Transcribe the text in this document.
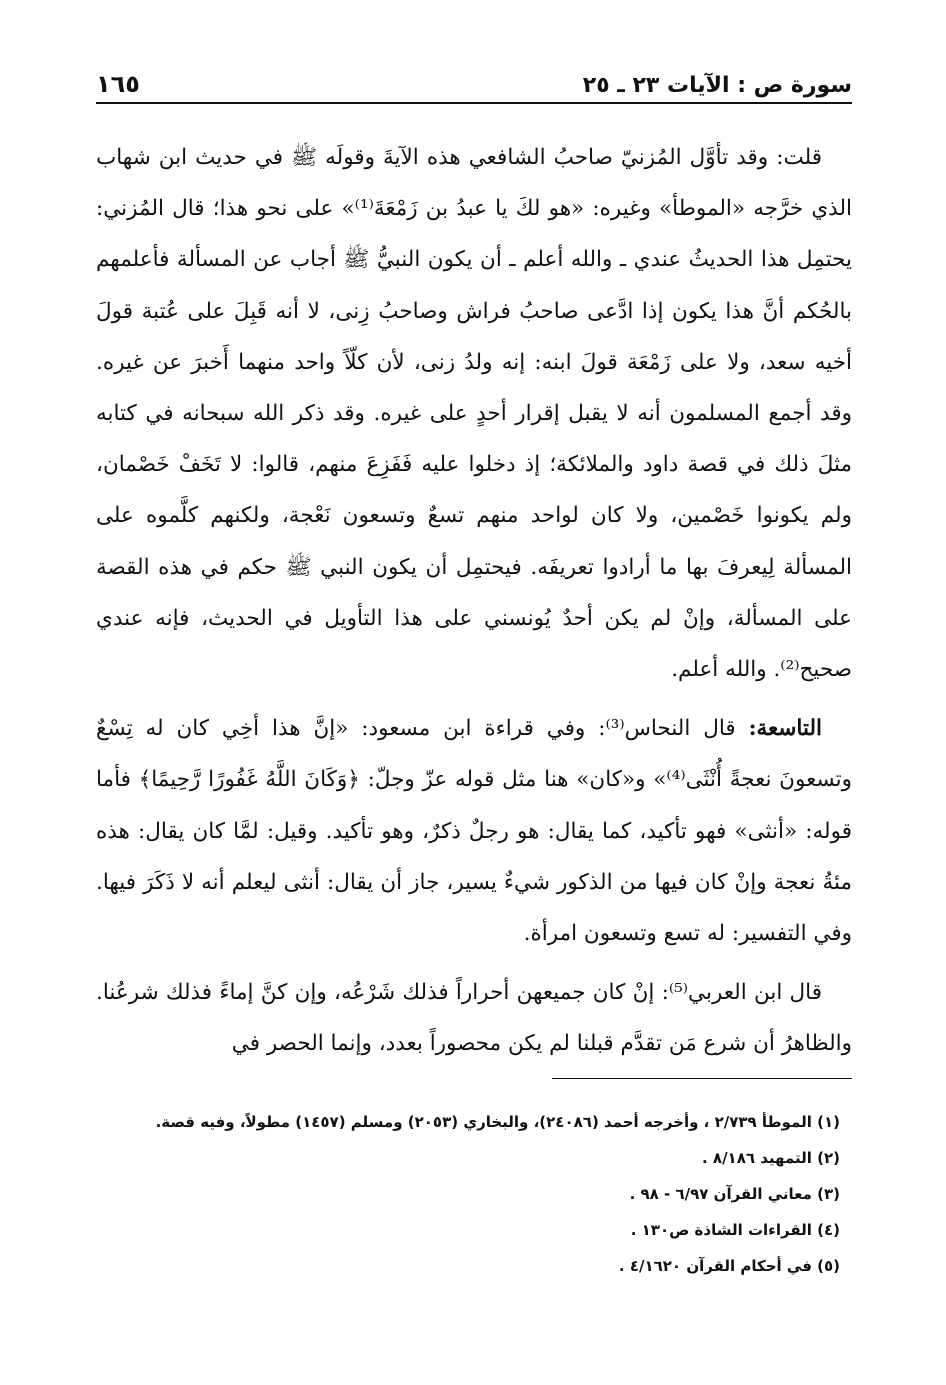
سورة ص : الآيات ٢٣ ـ ٢٥
١٦٥

قلت: وقد تأوَّل المُزنيّ صاحبُ الشافعي هذه الآيةَ وقولَه ﷺ في حديث ابن شهاب الذي خرَّجه «الموطأ» وغيره: «هو لكَ يا عبدُ بن زَمْعَةَ⁽¹⁾» على نحو هذا؛ قال المُزني: يحتمِل هذا الحديثُ عندي ـ والله أعلم ـ أن يكون النبيُّ ﷺ أجاب عن المسألة فأعلمهم بالحُكم أنَّ هذا يكون إذا ادَّعى صاحبُ فراش وصاحبُ زِنى، لا أنه قَبِلَ على عُتبة قولَ أخيه سعد، ولا على زَمْعَة قولَ ابنه: إنه ولدُ زنى، لأن كلّاً واحد منهما أَخبرَ عن غيره. وقد أجمع المسلمون أنه لا يقبل إقرار أحدٍ على غيره. وقد ذكر الله سبحانه في كتابه مثلَ ذلك في قصة داود والملائكة؛ إذ دخلوا عليه فَفَزِعَ منهم، قالوا: لا تَخَفْ خَصْمان، ولم يكونوا خَصْمين، ولا كان لواحد منهم تسعٌ وتسعون نَعْجة، ولكنهم كلَّموه على المسألة لِيعرفَ بها ما أرادوا تعريفَه. فيحتمِل أن يكون النبي ﷺ حكم في هذه القصة على المسألة، وإنْ لم يكن أحدٌ يُونسني على هذا التأويل في الحديث، فإنه عندي صحيح⁽²⁾. والله أعلم.

التاسعة: قال النحاس⁽³⁾: وفي قراءة ابن مسعود: «إنَّ هذا أخِي كان له تِسْعٌ وتسعونَ نعجةً أُنْثَى⁽⁴⁾» و«كان» هنا مثل قوله عزّ وجلّ: ﴿وَكَانَ اللَّهُ غَفُورًا رَّحِيمًا﴾ فأما قوله: «أنثى» فهو تأكيد، كما يقال: هو رجلٌ ذكرٌ، وهو تأكيد. وقيل: لمَّا كان يقال: هذه مئةُ نعجة وإنْ كان فيها من الذكور شيءٌ يسير، جاز أن يقال: أنثى ليعلم أنه لا ذَكَرَ فيها. وفي التفسير: له تسع وتسعون امرأة.

قال ابن العربي⁽⁵⁾: إنْ كان جميعهن أحراراً فذلك شَرْعُه، وإن كنَّ إماءً فذلك شرعُنا. والظاهرُ أن شرع مَن تقدَّم قبلنا لم يكن محصوراً بعدد، وإنما الحصر في

(١) الموطأ ٢/٧٣٩ ، وأخرجه أحمد (٢٤٠٨٦)، والبخاري (٢٠٥٣) ومسلم (١٤٥٧) مطولاً، وفيه قصة.
(٢) التمهيد ٨/١٨٦ .
(٣) معاني القرآن ٦/٩٧ - ٩٨ .
(٤) القراءات الشاذة ص١٣٠ .
(٥) في أحكام القرآن ٤/١٦٢٠ .
